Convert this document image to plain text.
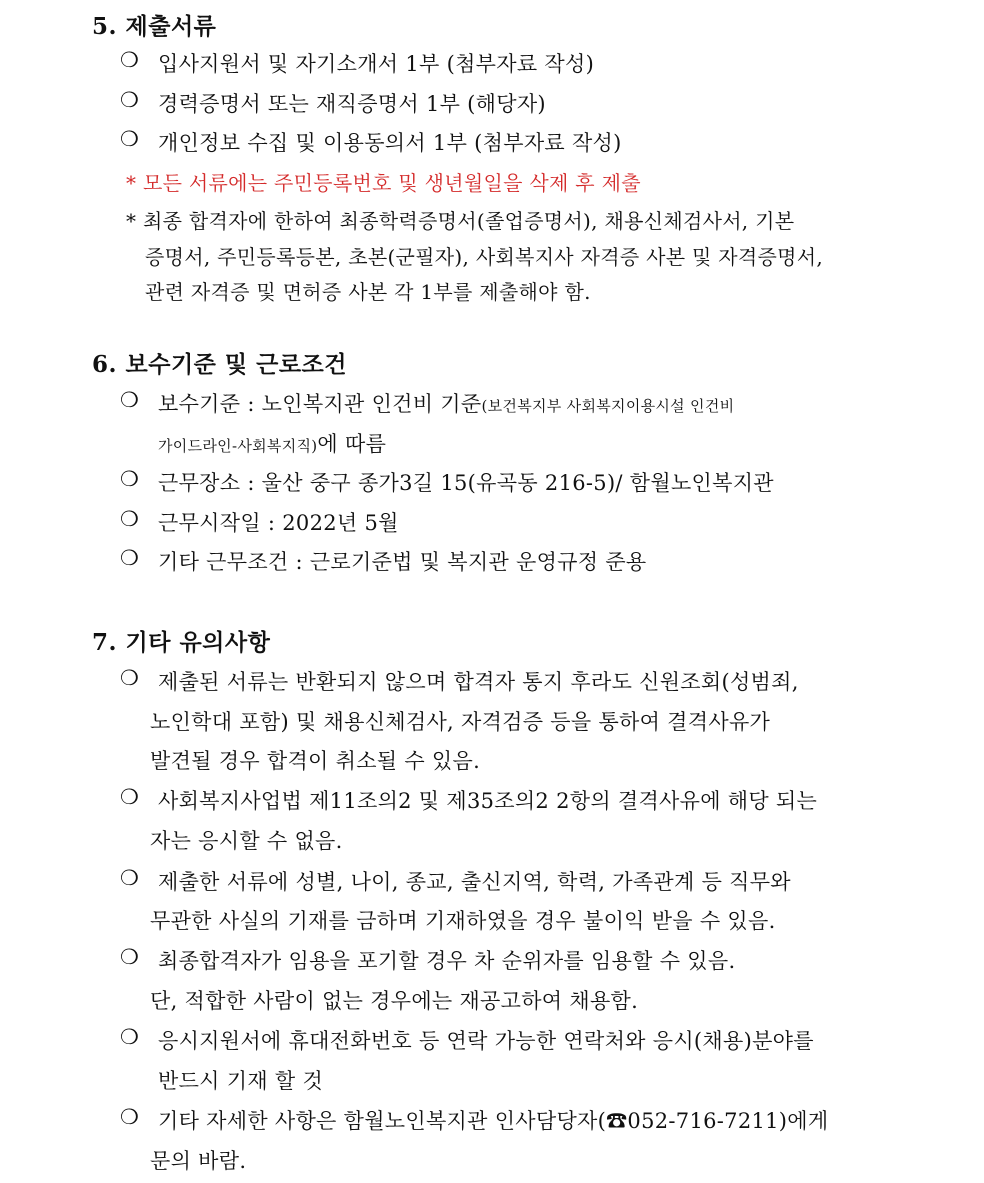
5. 제출서류
❍ 입사지원서 및 자기소개서 1부 (첨부자료 작성)
❍ 경력증명서 또는 재직증명서 1부 (해당자)
❍ 개인정보 수집 및 이용동의서 1부 (첨부자료 작성)
* 모든 서류에는 주민등록번호 및 생년월일을 삭제 후 제출
* 최종 합격자에 한하여 최종학력증명서(졸업증명서), 채용신체검사서, 기본
증명서, 주민등록등본, 초본(군필자), 사회복지사 자격증 사본 및 자격증명서,
관련 자격증 및 면허증 사본 각 1부를 제출해야 함.
6. 보수기준 및 근로조건
❍ 보수기준 : 노인복지관 인건비 기준(보건복지부 사회복지이용시설 인건비
가이드라인-사회복지직)에 따름
❍ 근무장소 : 울산 중구 종가3길 15(유곡동 216-5)/ 함월노인복지관
❍ 근무시작일 : 2022년 5월
❍ 기타 근무조건 : 근로기준법 및 복지관 운영규정 준용
7. 기타 유의사항
❍ 제출된 서류는 반환되지 않으며 합격자 통지 후라도 신원조회(성범죄,
노인학대 포함) 및 채용신체검사, 자격검증 등을 통하여 결격사유가
발견될 경우 합격이 취소될 수 있음.
❍ 사회복지사업법 제11조의2 및 제35조의2 2항의 결격사유에 해당 되는
자는 응시할 수 없음.
❍ 제출한 서류에 성별, 나이, 종교, 출신지역, 학력, 가족관계 등 직무와
무관한 사실의 기재를 금하며 기재하였을 경우 불이익 받을 수 있음.
❍ 최종합격자가 임용을 포기할 경우 차 순위자를 임용할 수 있음.
단, 적합한 사람이 없는 경우에는 재공고하여 채용함.
❍ 응시지원서에 휴대전화번호 등 연락 가능한 연락처와 응시(채용)분야를
반드시 기재 할 것
❍ 기타 자세한 사항은 함월노인복지관 인사담당자(☎052-716-7211)에게
문의 바람.
